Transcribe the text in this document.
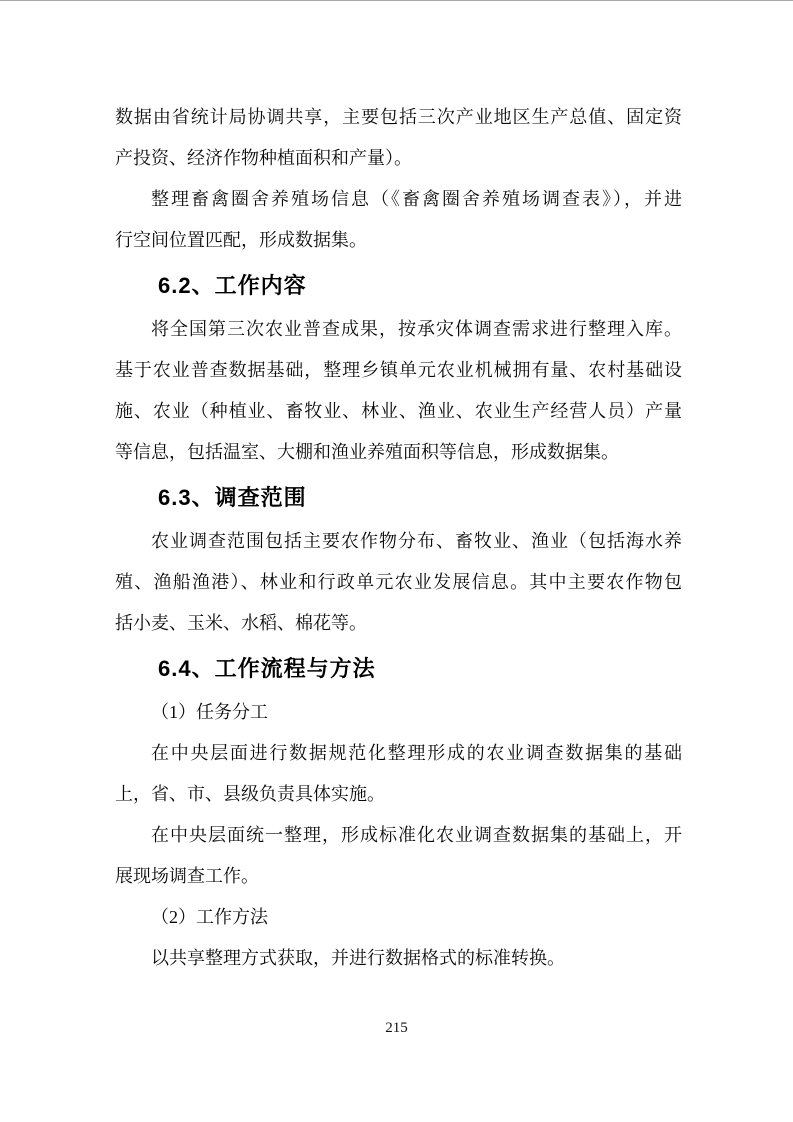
数据由省统计局协调共享，主要包括三次产业地区生产总值、固定资
产投资、经济作物种植面积和产量）。
整理畜禽圈舍养殖场信息（《畜禽圈舍养殖场调查表》），并进
行空间位置匹配，形成数据集。
6.2、工作内容
将全国第三次农业普查成果，按承灾体调查需求进行整理入库。
基于农业普查数据基础，整理乡镇单元农业机械拥有量、农村基础设
施、农业（种植业、畜牧业、林业、渔业、农业生产经营人员）产量
等信息，包括温室、大棚和渔业养殖面积等信息，形成数据集。
6.3、调查范围
农业调查范围包括主要农作物分布、畜牧业、渔业（包括海水养
殖、渔船渔港）、林业和行政单元农业发展信息。其中主要农作物包
括小麦、玉米、水稻、棉花等。
6.4、工作流程与方法
（1）任务分工
在中央层面进行数据规范化整理形成的农业调查数据集的基础
上，省、市、县级负责具体实施。
在中央层面统一整理，形成标准化农业调查数据集的基础上，开
展现场调查工作。
（2）工作方法
以共享整理方式获取，并进行数据格式的标准转换。
215
